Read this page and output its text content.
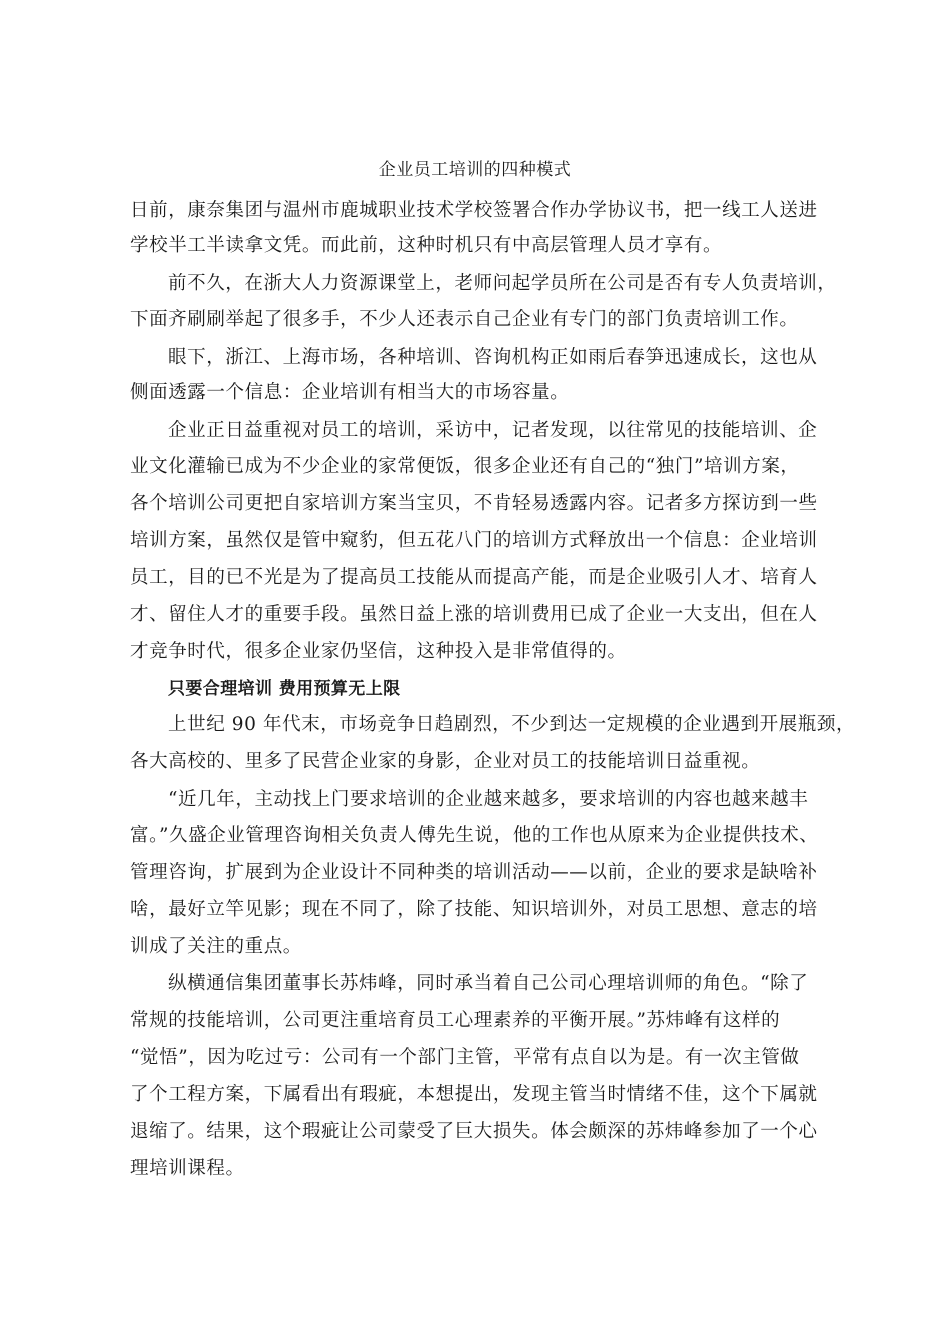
企业员工培训的四种模式
日前，康奈集团与温州市鹿城职业技术学校签署合作办学协议书，把一线工人送进
学校半工半读拿文凭。而此前，这种时机只有中高层管理人员才享有。
前不久，在浙大人力资源课堂上，老师问起学员所在公司是否有专人负责培训，
下面齐刷刷举起了很多手，不少人还表示自己企业有专门的部门负责培训工作。
眼下，浙江、上海市场，各种培训、咨询机构正如雨后春笋迅速成长，这也从
侧面透露一个信息：企业培训有相当大的市场容量。
企业正日益重视对员工的培训，采访中，记者发现，以往常见的技能培训、企
业文化灌输已成为不少企业的家常便饭，很多企业还有自己的“独门”培训方案，
各个培训公司更把自家培训方案当宝贝，不肯轻易透露内容。记者多方探访到一些
培训方案，虽然仅是管中窥豹，但五花八门的培训方式释放出一个信息：企业培训
员工，目的已不光是为了提高员工技能从而提高产能，而是企业吸引人才、培育人
才、留住人才的重要手段。虽然日益上涨的培训费用已成了企业一大支出，但在人
才竞争时代，很多企业家仍坚信，这种投入是非常值得的。
只要合理培训 费用预算无上限
上世纪 90 年代末，市场竞争日趋剧烈，不少到达一定规模的企业遇到开展瓶颈，
各大高校的、里多了民营企业家的身影，企业对员工的技能培训日益重视。
“近几年，主动找上门要求培训的企业越来越多，要求培训的内容也越来越丰
富。”久盛企业管理咨询相关负责人傅先生说，他的工作也从原来为企业提供技术、
管理咨询，扩展到为企业设计不同种类的培训活动——以前，企业的要求是缺啥补
啥，最好立竿见影；现在不同了，除了技能、知识培训外，对员工思想、意志的培
训成了关注的重点。
纵横通信集团董事长苏炜峰，同时承当着自己公司心理培训师的角色。“除了
常规的技能培训，公司更注重培育员工心理素养的平衡开展。”苏炜峰有这样的
“觉悟”，因为吃过亏：公司有一个部门主管，平常有点自以为是。有一次主管做
了个工程方案，下属看出有瑕疵，本想提出，发现主管当时情绪不佳，这个下属就
退缩了。结果，这个瑕疵让公司蒙受了巨大损失。体会颇深的苏炜峰参加了一个心
理培训课程。
